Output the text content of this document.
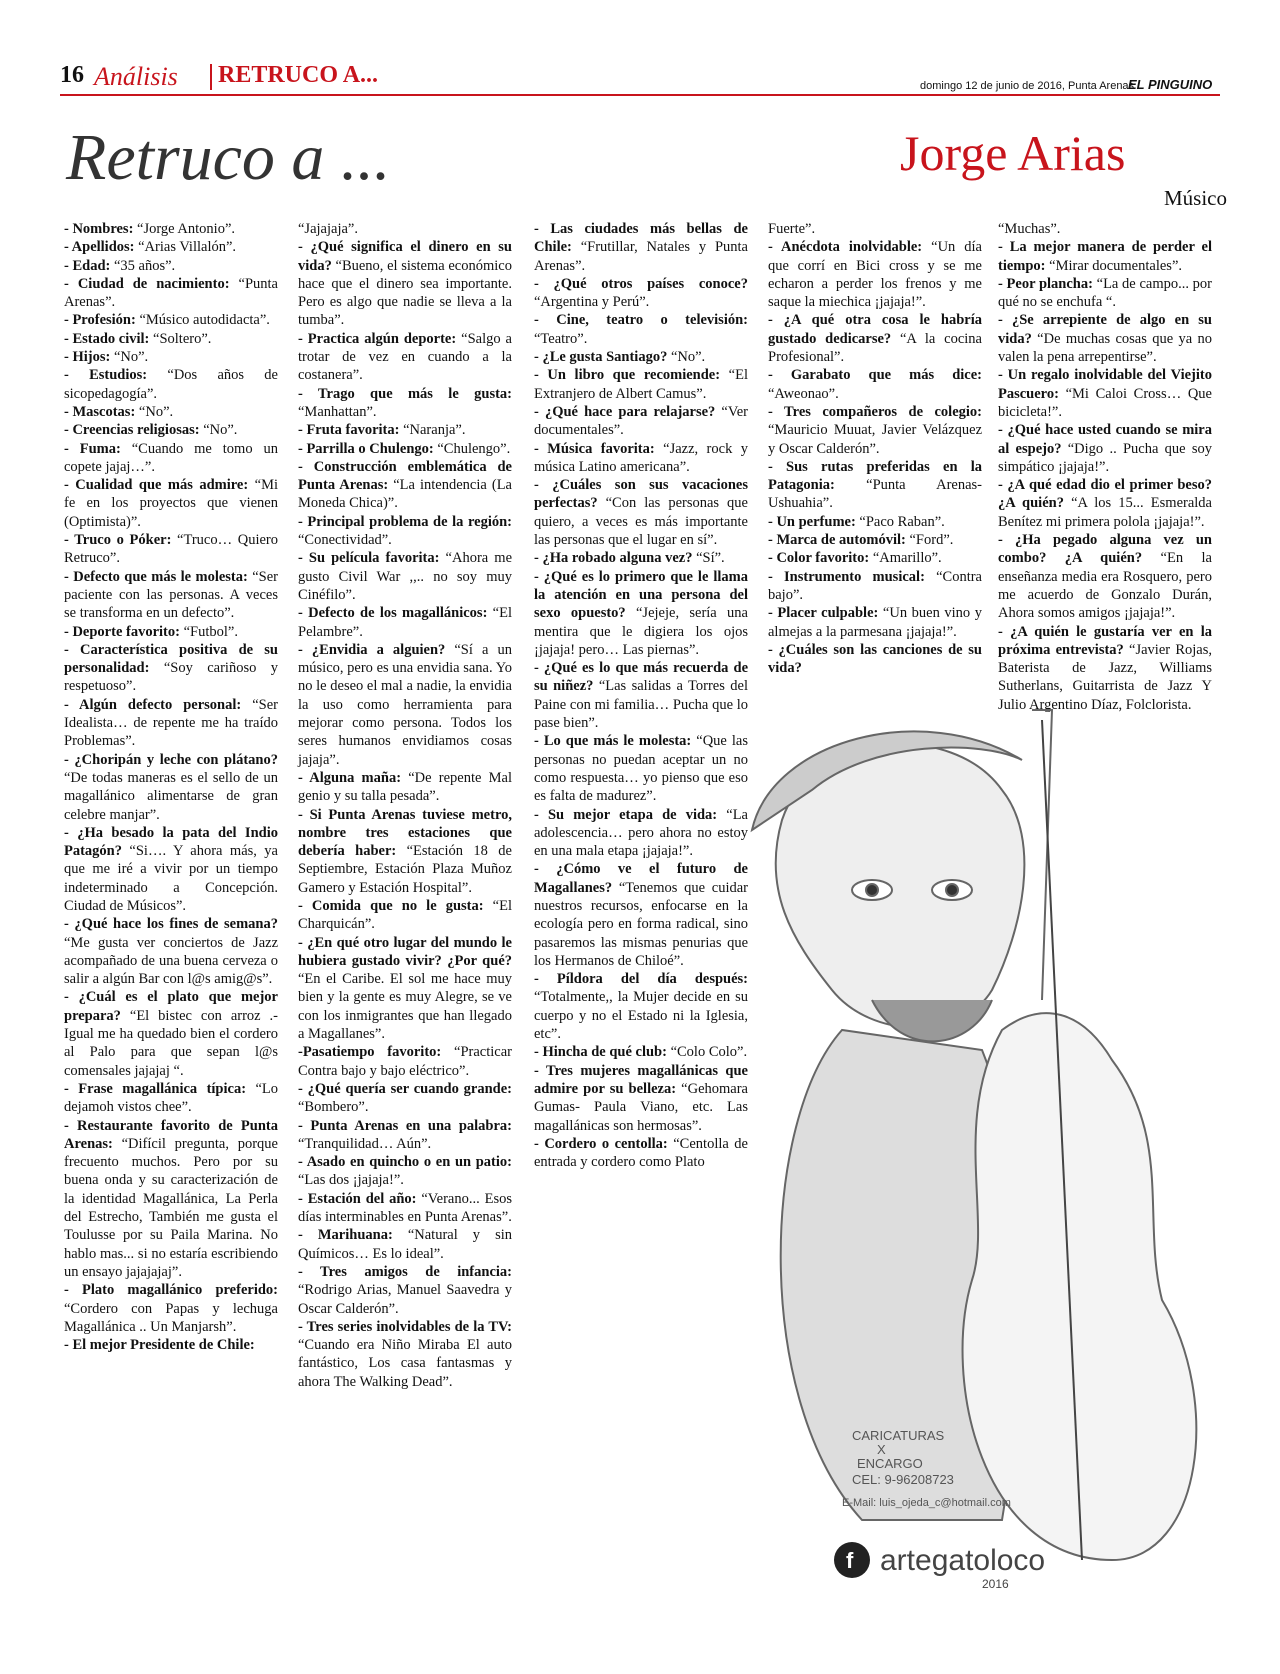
16 Análisis RETRUCO A...	domingo 12 de junio de 2016, Punta Arenas
EL PINGUINO
Retruco a ...	Jorge Arias
Músico

- Nombres: “Jorge Antonio”.

- Apellidos: “Arias Villalón”.

- Edad: “35 años”.

- Ciudad de nacimiento: “Punta Arenas”.

- Profesión: “Músico autodidacta”.

- Estado civil: “Soltero”.

- Hijos: “No”.

- Estudios: “Dos años de sicopedagogía”.

- Mascotas: “No”.

- Creencias religiosas: “No”.

- Fuma: “Cuando me tomo un copete jajaj…”.

- Cualidad que más admire: “Mi fe en los proyectos que vienen (Optimista)”.

- Truco o Póker: “Truco… Quiero Retruco”.

- Defecto que más le molesta: “Ser paciente con las personas. A veces se transforma en un defecto”.

- Deporte favorito: “Futbol”.

- Característica positiva de su personalidad: “Soy cariñoso y respetuoso”.

- Algún defecto personal: “Ser Idealista… de repente me ha traído Problemas”.

- ¿Choripán y leche con plátano? “De todas maneras es el sello de un magallánico alimentarse de gran celebre manjar”.

- ¿Ha besado la pata del Indio Patagón? “Si…. Y ahora más, ya que me iré a vivir por un tiempo indeterminado a Concepción. Ciudad de Músicos”.

- ¿Qué hace los fines de semana? “Me gusta ver conciertos de Jazz acompañado de una buena cerveza o salir a algún Bar con l@s amig@s”.

- ¿Cuál es el plato que mejor prepara? “El bistec con arroz .- Igual me ha quedado bien el cordero al Palo para que sepan l@s comensales jajajaj “.

- Frase magallánica típica: “Lo dejamoh vistos chee”.

- Restaurante favorito de Punta Arenas: “Difícil pregunta, porque frecuento muchos. Pero por su buena onda y su caracterización de la identidad Magallánica, La Perla del Estrecho, También me gusta el Toulusse por su Paila Marina. No hablo mas... si no estaría escribiendo un ensayo jajajajaj”.

- Plato magallánico preferido: “Cordero con Papas y lechuga Magallánica .. Un Manjarsh”.

- El mejor Presidente de Chile:

“Jajajaja”.

- ¿Qué significa el dinero en su vida? “Bueno, el sistema económico hace que el dinero sea importante. Pero es algo que nadie se lleva a la tumba”.

- Practica algún deporte: “Salgo a trotar de vez en cuando a la costanera”.

- Trago que más le gusta: “Manhattan”.

- Fruta favorita: “Naranja”.

- Parrilla o Chulengo: “Chulengo”.

- Construcción emblemática de Punta Arenas: “La intendencia (La Moneda Chica)”.

- Principal problema de la región: “Conectividad”.

- Su película favorita: “Ahora me gusto Civil War ,,.. no soy muy Cinéfilo”.

- Defecto de los magallánicos: “El Pelambre”.

- ¿Envidia a alguien? “Sí a un músico, pero es una envidia sana. Yo no le deseo el mal a nadie, la envidia la uso como herramienta para mejorar como persona. Todos los seres humanos envidiamos cosas jajaja”.

- Alguna maña: “De repente Mal genio y su talla pesada”.

- Si Punta Arenas tuviese metro, nombre tres estaciones que debería haber: “Estación 18 de Septiembre, Estación Plaza Muñoz Gamero y Estación Hospital”.

- Comida que no le gusta: “El Charquicán”.

- ¿En qué otro lugar del mundo le hubiera gustado vivir? ¿Por qué? “En el Caribe. El sol me hace muy bien y la gente es muy Alegre, se ve con los inmigrantes que han llegado a Magallanes”.

-Pasatiempo favorito: “Practicar Contra bajo y bajo eléctrico”.

- ¿Qué quería ser cuando grande: “Bombero”.

- Punta Arenas en una palabra: “Tranquilidad… Aún”.

- Asado en quincho o en un patio: “Las dos ¡jajaja!”.

- Estación del año: “Verano... Esos días interminables en Punta Arenas”.

- Marihuana: “Natural y sin Químicos… Es lo ideal”.

- Tres amigos de infancia: “Rodrigo Arias, Manuel Saavedra y Oscar Calderón”.

- Tres series inolvidables de la TV: “Cuando era Niño Miraba El auto fantástico, Los casa fantasmas y ahora The Walking Dead”.

- Las ciudades más bellas de Chile: “Frutillar, Natales y Punta Arenas”.

- ¿Qué otros países conoce? “Argentina y Perú”.

- Cine, teatro o televisión: “Teatro”.

- ¿Le gusta Santiago? “No”.

- Un libro que recomiende: “El Extranjero de Albert Camus”.

- ¿Qué hace para relajarse? “Ver documentales”.

- Música favorita: “Jazz, rock y música Latino americana”.

- ¿Cuáles son sus vacaciones perfectas? “Con las personas que quiero, a veces es más importante las personas que el lugar en sí”.

- ¿Ha robado alguna vez? “Sí”.

- ¿Qué es lo primero que le llama la atención en una persona del sexo opuesto? “Jejeje, sería una mentira que le digiera los ojos ¡jajaja! pero… Las piernas”.

- ¿Qué es lo que más recuerda de su niñez? “Las salidas a Torres del Paine con mi familia… Pucha que lo pase bien”.

- Lo que más le molesta: “Que las personas no puedan aceptar un no como respuesta… yo pienso que eso es falta de madurez”.

- Su mejor etapa de vida: “La adolescencia… pero ahora no estoy en una mala etapa ¡jajaja!”.

- ¿Cómo ve el futuro de Magallanes? “Tenemos que cuidar nuestros recursos, enfocarse en la ecología pero en forma radical, sino pasaremos las mismas penurias que los Hermanos de Chiloé”.

- Píldora del día después: “Totalmente,, la Mujer decide en su cuerpo y no el Estado ni la Iglesia, etc”.

- Hincha de qué club: “Colo Colo”.

- Tres mujeres magallánicas que admire por su belleza: “Gehomara Gumas- Paula Viano, etc. Las magallánicas son hermosas”.

- Cordero o centolla: “Centolla de entrada y cordero como Plato

Fuerte”.

- Anécdota inolvidable: “Un día que corrí en Bici cross y se me echaron a perder los frenos y me saque la miechica ¡jajaja!”.

- ¿A qué otra cosa le habría gustado dedicarse? “A la cocina Profesional”.

- Garabato que más dice: “Aweonao”.

- Tres compañeros de colegio: “Mauricio Muuat, Javier Velázquez y Oscar Calderón”.

- Sus rutas preferidas en la Patagonia: “Punta Arenas- Ushuahia”.

- Un perfume: “Paco Raban”.

- Marca de automóvil: “Ford”.

- Color favorito: “Amarillo”.

- Instrumento musical: “Contra bajo”.

- Placer culpable: “Un buen vino y almejas a la parmesana ¡jajaja!”.

- ¿Cuáles son las canciones de su vida?

“Muchas”.

- La mejor manera de perder el tiempo: “Mirar documentales”.

- Peor plancha: “La de campo... por qué no se enchufa “.

- ¿Se arrepiente de algo en su vida? “De muchas cosas que ya no valen la pena arrepentirse”.

- Un regalo inolvidable del Viejito Pascuero: “Mi Caloi Cross… Que bicicleta!”.

- ¿Qué hace usted cuando se mira al espejo? “Digo .. Pucha que soy simpático ¡jajaja!”.

- ¿A qué edad dio el primer beso? ¿A quién? “A los 15... Esmeralda Benítez mi primera polola ¡jajaja!”.

- ¿Ha pegado alguna vez un combo? ¿A quién? “En la enseñanza media era Rosquero, pero me acuerdo de Gonzalo Durán, Ahora somos amigos ¡jajaja!”.

- ¿A quién le gustaría ver en la próxima entrevista? “Javier Rojas, Baterista de Jazz, Williams Sutherlans, Guitarrista de Jazz Y Julio Argentino Díaz, Folclorista.

CARICATURAS
X
ENCARGO
CEL: 9-96208723
E-Mail: luis_ojeda_c@hotmail.com
f artegatoloco
2016
